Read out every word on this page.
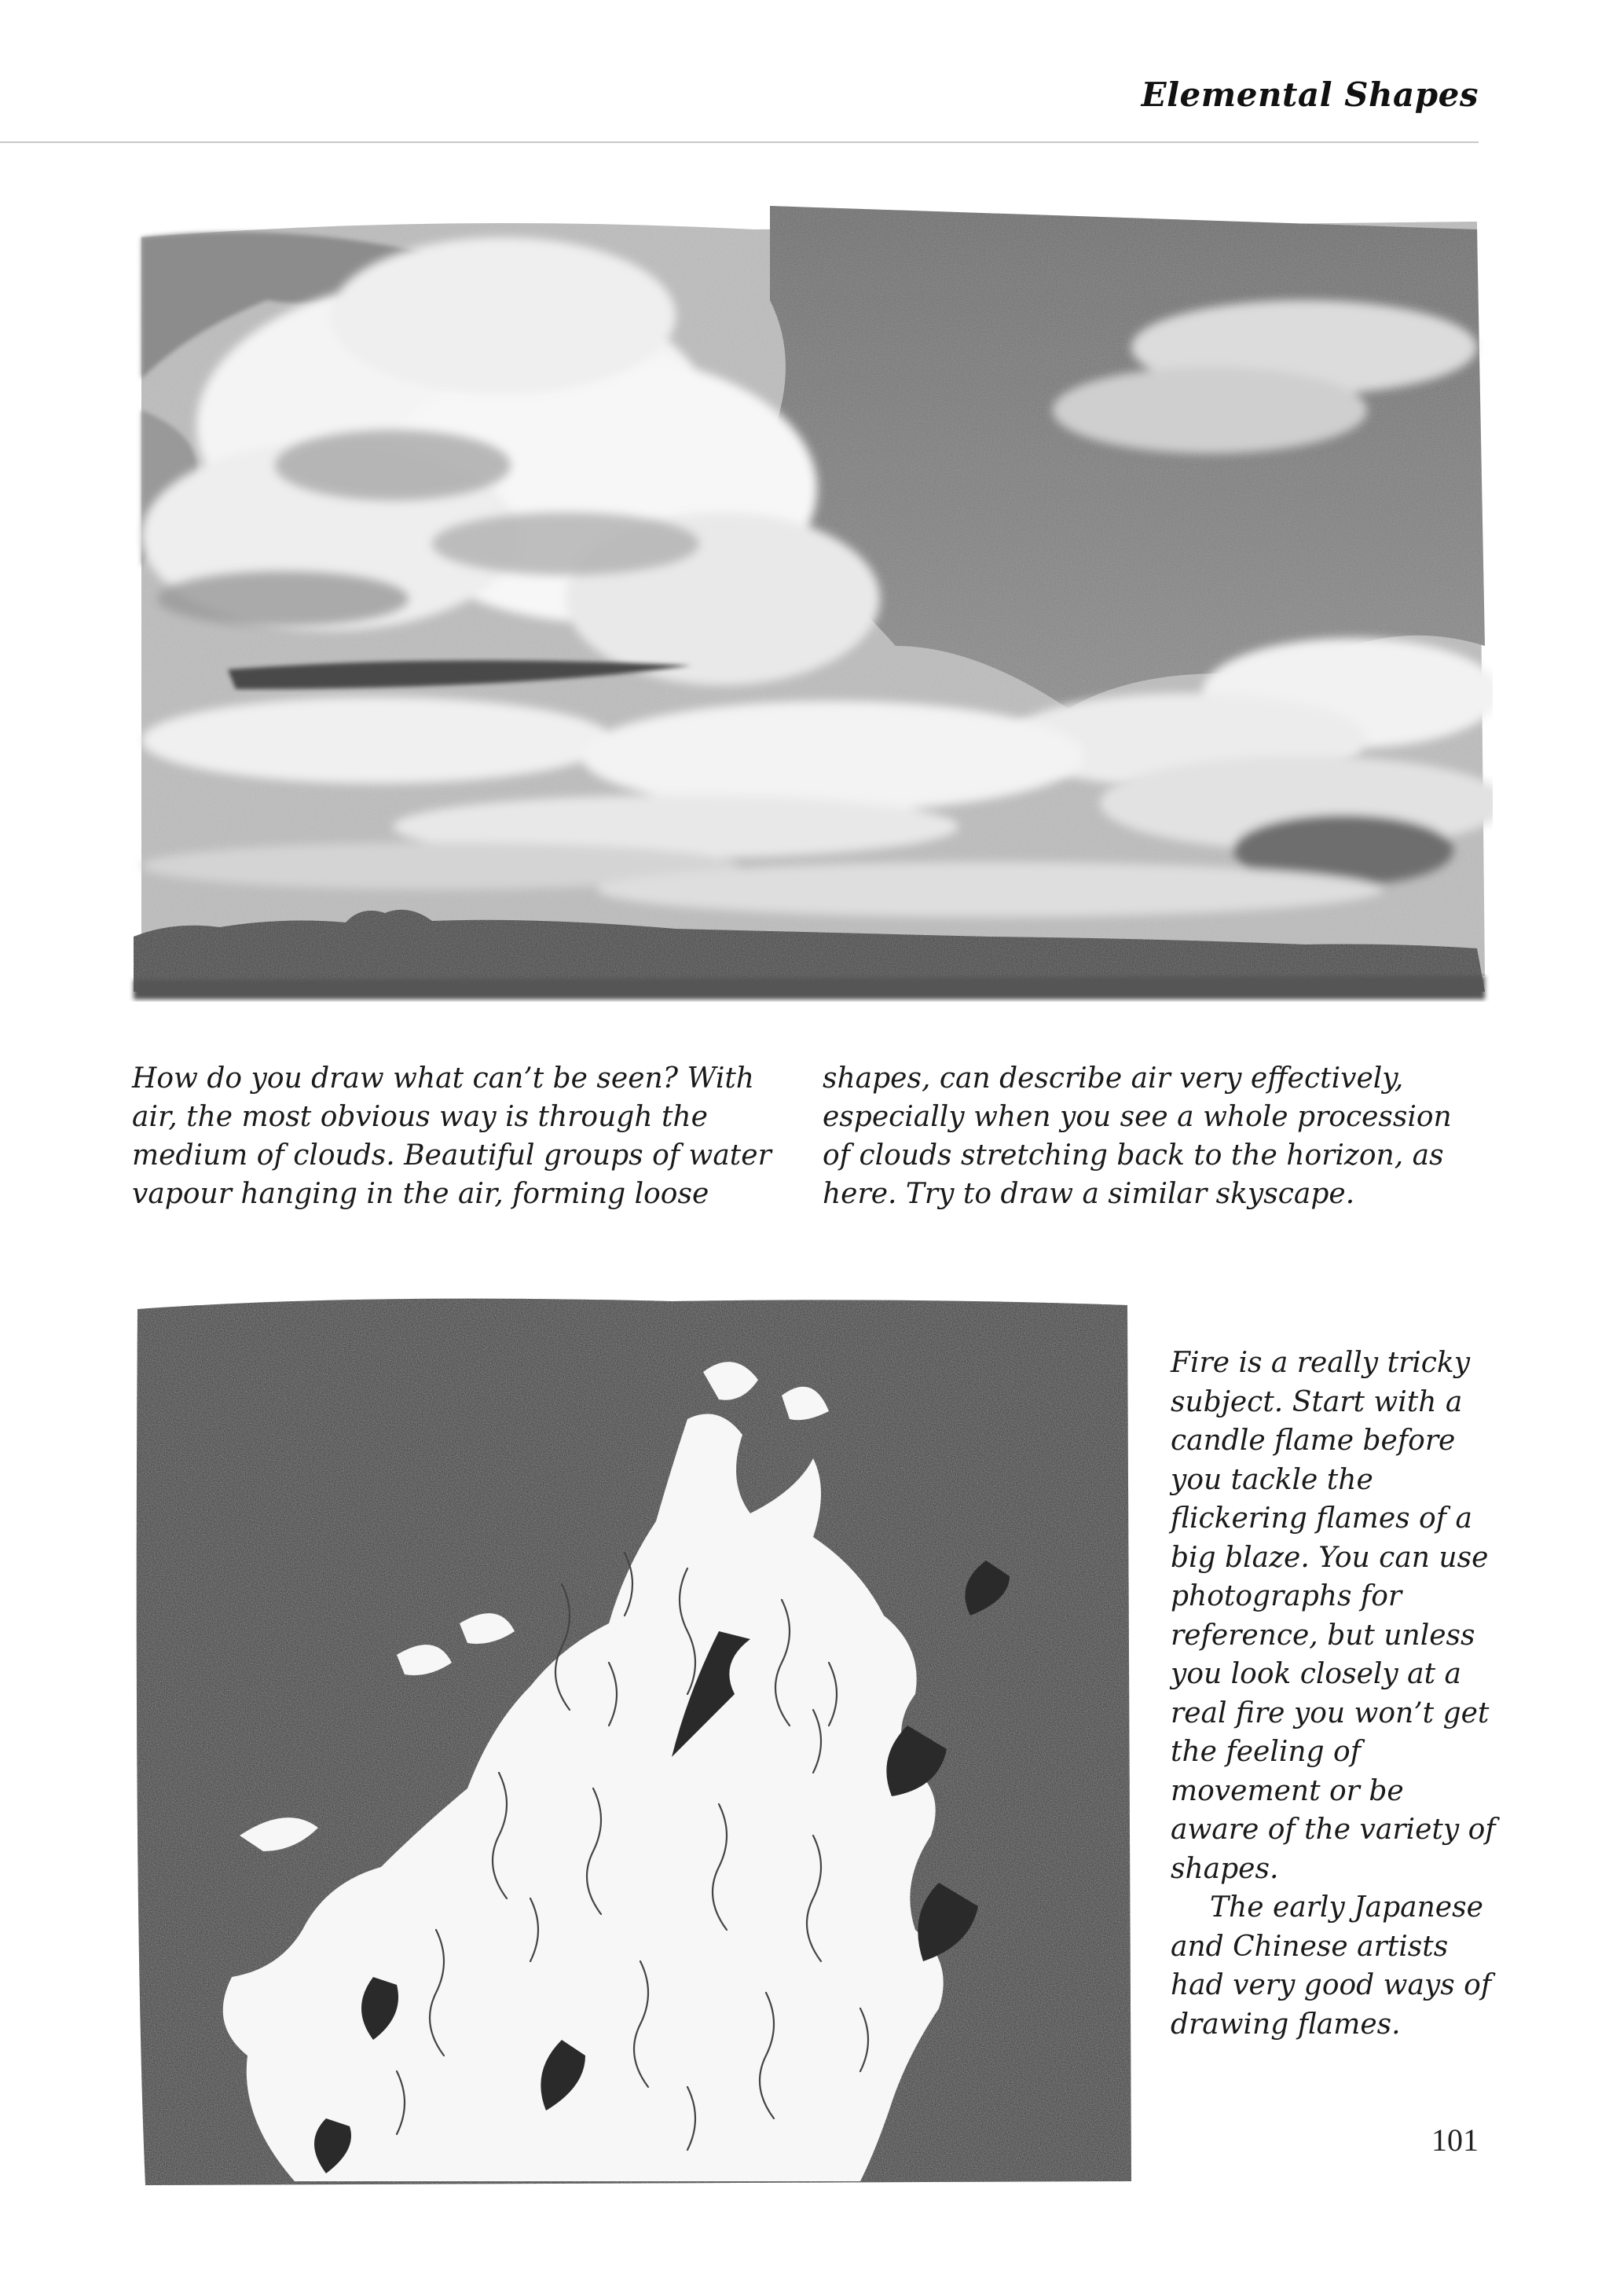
Elemental Shapes

How do you draw what can’t be seen? With air, the most obvious way is through the medium of clouds. Beautiful groups of water vapour hanging in the air, forming loose

shapes, can describe air very effectively, especially when you see a whole procession of clouds stretching back to the horizon, as here. Try to draw a similar skyscape.

Fire is a really tricky subject. Start with a candle flame before you tackle the flickering flames of a big blaze. You can use photographs for reference, but unless you look closely at a real fire you won’t get the feeling of movement or be aware of the variety of shapes.

The early Japanese and Chinese artists had very good ways of drawing flames.

101
